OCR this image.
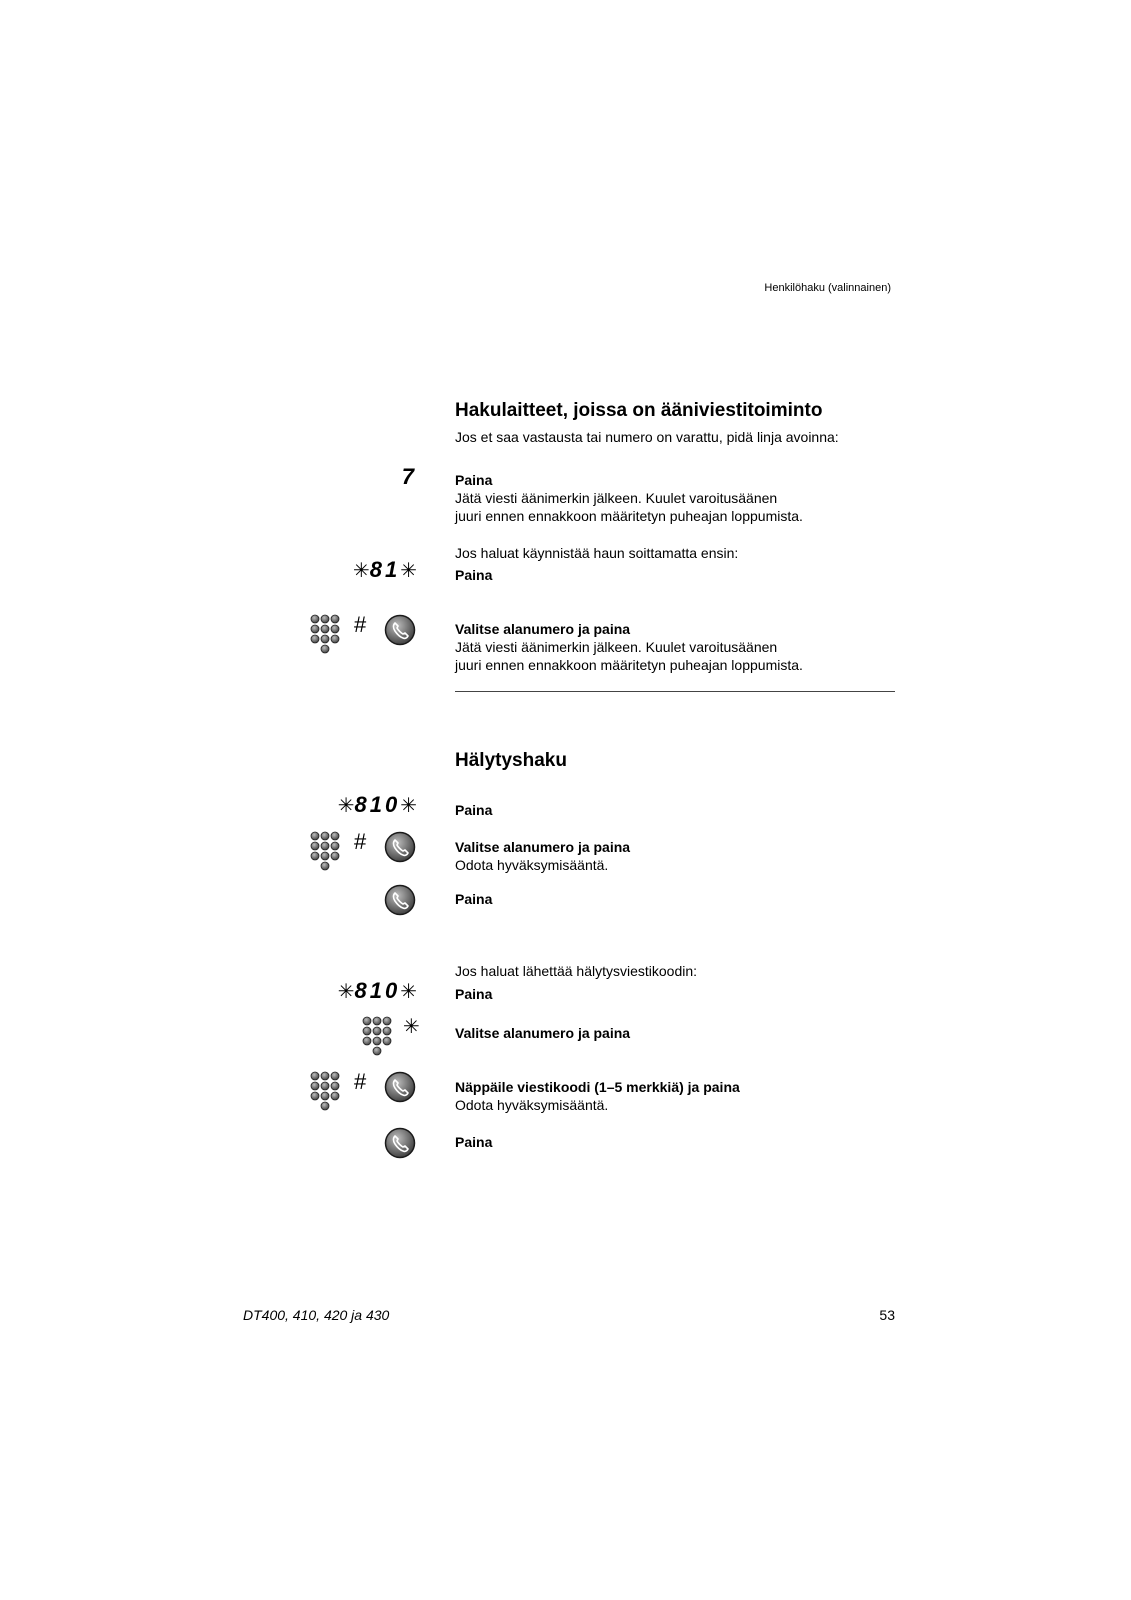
Henkilöhaku (valinnainen)
Hakulaitteet, joissa on ääniviestitoiminto
Jos et saa vastausta tai numero on varattu, pidä linja avoinna:
7	Paina
Jätä viesti äänimerkin jälkeen. Kuulet varoitusäänen
juuri ennen ennakkoon määritetyn puheajan loppumista.
Jos haluat käynnistää haun soittamatta ensin:
✳81✳	Paina
#	Valitse alanumero ja paina
Jätä viesti äänimerkin jälkeen. Kuulet varoitusäänen
juuri ennen ennakkoon määritetyn puheajan loppumista.
Hälytyshaku
✳810✳	Paina
#	Valitse alanumero ja paina
Odota hyväksymisääntä.
Paina
Jos haluat lähettää hälytysviestikoodin:
✳810✳	Paina
✳	Valitse alanumero ja paina
#	Näppäile viestikoodi (1–5 merkkiä) ja paina
Odota hyväksymisääntä.
Paina
DT400, 410, 420 ja 430	53
